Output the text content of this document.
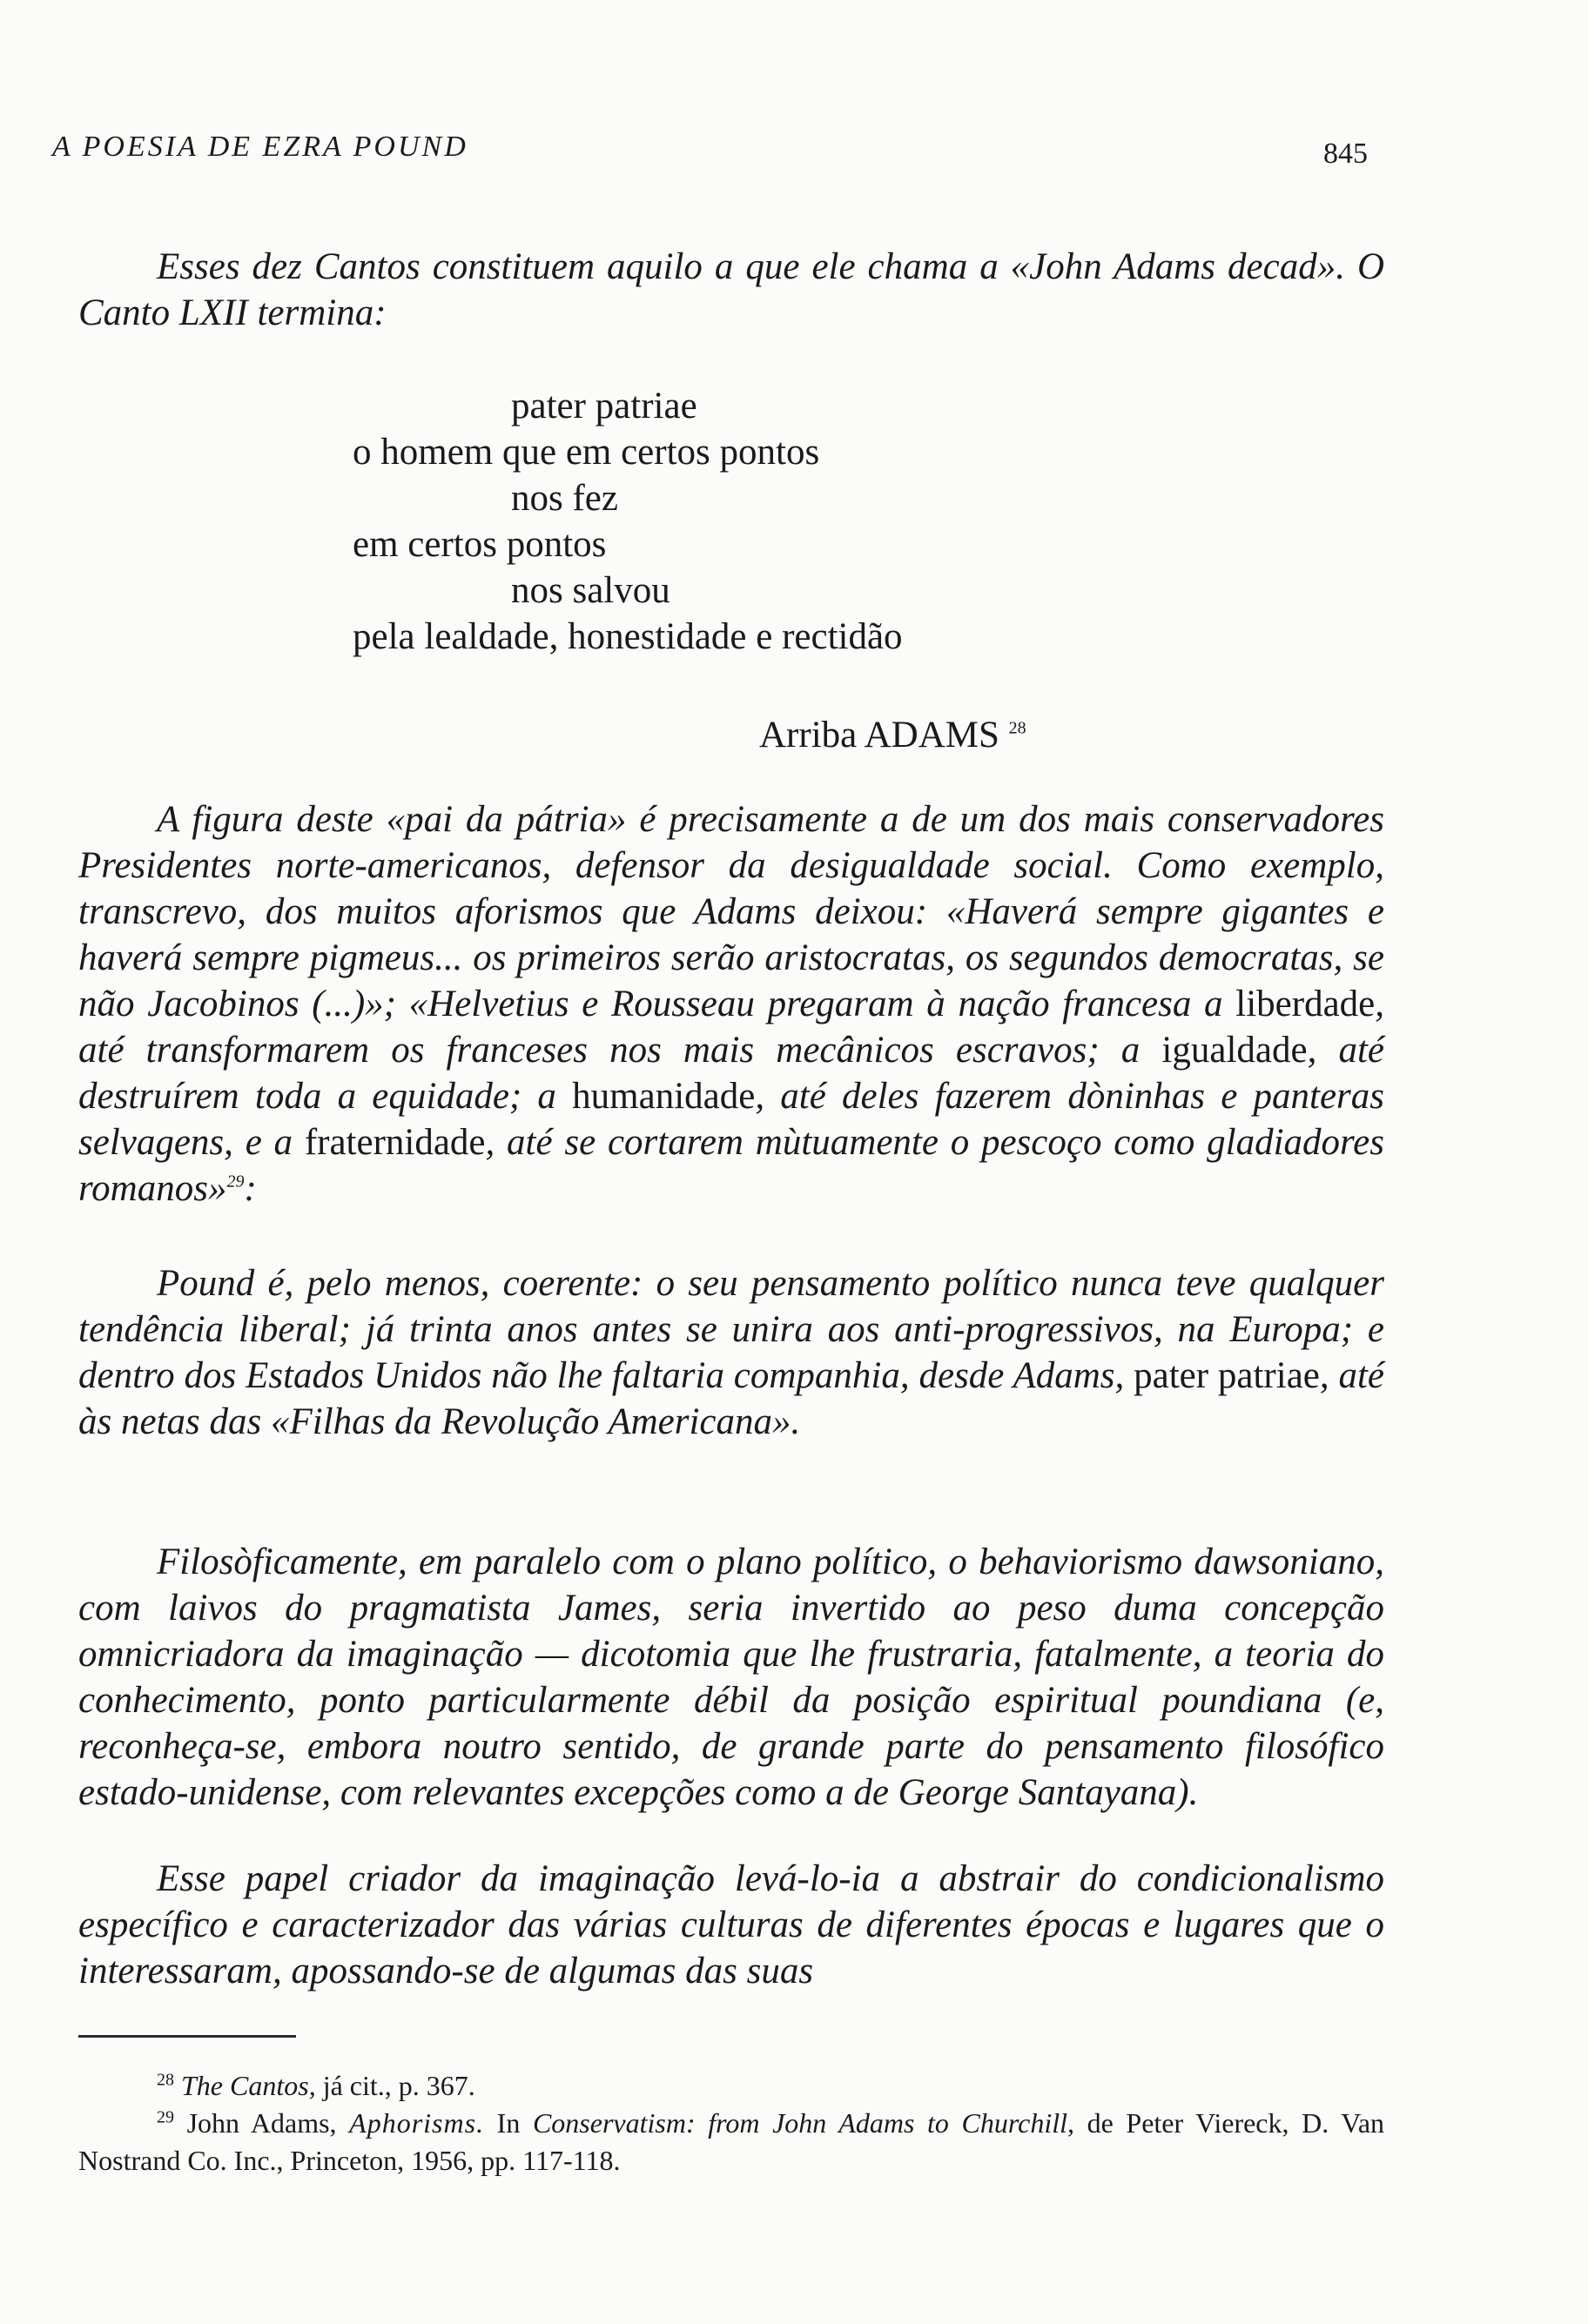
A POESIA DE EZRA POUND	845
Esses dez Cantos constituem aquilo a que ele chama a «John Adams decad». O Canto LXII termina:
pater patriae
o homem que em certos pontos
nos fez
em certos pontos
nos salvou
pela lealdade, honestidade e rectidão
Arriba ADAMS $^{28}$
A figura deste «pai da pátria» é precisamente a de um dos mais conservadores Presidentes norte-americanos, defensor da desigualdade social. Como exemplo, transcrevo, dos muitos aforismos que Adams deixou: «Haverá sempre gigantes e haverá sempre pigmeus... os primeiros serão aristocratas, os segundos democratas, se não Jacobinos (...)»; «Helvetius e Rousseau pregaram à nação francesa a liberdade, até transformarem os franceses nos mais mecânicos escravos; a igualdade, até destruírem toda a equidade; a humanidade, até deles fazerem dòninhas e panteras selvagens, e a fraternidade, até se cortarem mùtuamente o pescoço como gladiadores romanos»$^{29}$:
Pound é, pelo menos, coerente: o seu pensamento político nunca teve qualquer tendência liberal; já trinta anos antes se unira aos anti-progressivos, na Europa; e dentro dos Estados Unidos não lhe faltaria companhia, desde Adams, pater patriae, até às netas das «Filhas da Revolução Americana».
Filosòficamente, em paralelo com o plano político, o behaviorismo dawsoniano, com laivos do pragmatista James, seria invertido ao peso duma concepção omnicriadora da imaginação — dicotomia que lhe frustraria, fatalmente, a teoria do conhecimento, ponto particularmente débil da posição espiritual poundiana (e, reconheça-se, embora noutro sentido, de grande parte do pensamento filosófico estado-unidense, com relevantes excepções como a de George Santayana).
Esse papel criador da imaginação levá-lo-ia a abstrair do condicionalismo específico e caracterizador das várias culturas de diferentes épocas e lugares que o interessaram, apossando-se de algumas das suas
$^{28}$ The Cantos, já cit., p. 367.
$^{29}$ John Adams, Aphorisms. In Conservatism: from John Adams to Churchill, de Peter Viereck, D. Van Nostrand Co. Inc., Princeton, 1956, pp. 117-118.
